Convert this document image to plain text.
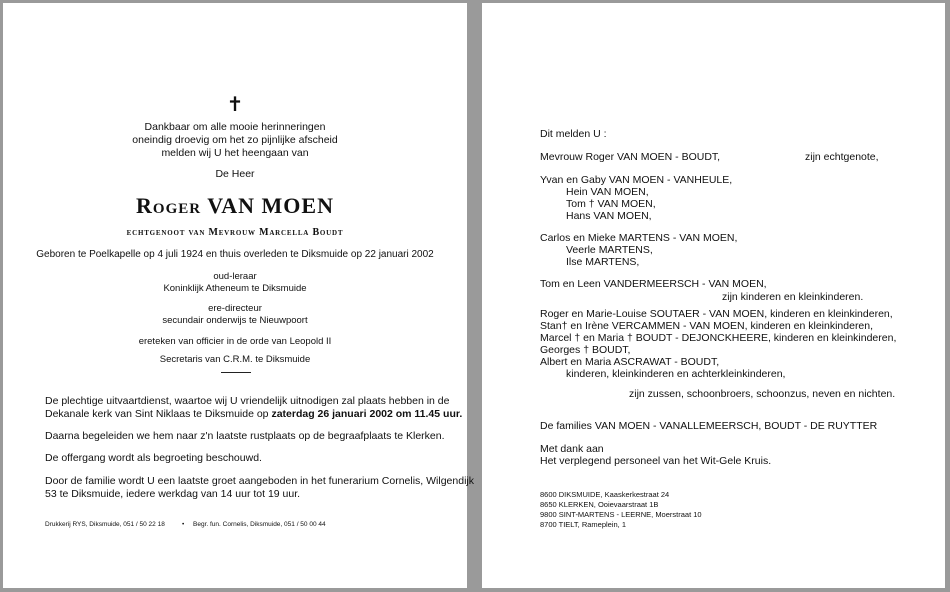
✝
Dankbaar om alle mooie herinneringen
oneindig droevig om het zo pijnlijke afscheid
melden wij U het heengaan van
De Heer
Roger VAN MOEN
echtgenoot van Mevrouw Marcella Boudt
Geboren te Poelkapelle op 4 juli 1924 en thuis overleden te Diksmuide op 22 januari 2002
oud-leraar
Koninklijk Atheneum te Diksmuide
ere-directeur
secundair onderwijs te Nieuwpoort
ereteken van officier in de orde van Leopold II
Secretaris van C.R.M. te Diksmuide
De plechtige uitvaartdienst, waartoe wij U vriendelijk uitnodigen zal plaats hebben in de
Dekanale kerk van Sint Niklaas te Diksmuide op zaterdag 26 januari 2002 om 11.45 uur.
Daarna begeleiden we hem naar z'n laatste rustplaats op de begraafplaats te Klerken.
De offergang wordt als begroeting beschouwd.
Door de familie wordt U een laatste groet aangeboden in het funerarium Cornelis, Wilgendijk
53 te Diksmuide, iedere werkdag van 14 uur tot 19 uur.
Drukkerij RYS, Diksmuide, 051 / 50 22 18	• Begr. fun. Cornelis, Diksmuide, 051 / 50 00 44
Dit melden U :
Mevrouw Roger VAN MOEN - BOUDT,	zijn echtgenote,
Yvan en Gaby VAN MOEN - VANHEULE,
Hein VAN MOEN,
Tom † VAN MOEN,
Hans VAN MOEN,
Carlos en Mieke MARTENS - VAN MOEN,
Veerle MARTENS,
Ilse MARTENS,
Tom en Leen VANDERMEERSCH - VAN MOEN,
zijn kinderen en kleinkinderen.
Roger en Marie-Louise SOUTAER - VAN MOEN, kinderen en kleinkinderen,
Stan† en Irène VERCAMMEN - VAN MOEN, kinderen en kleinkinderen,
Marcel † en Maria † BOUDT - DEJONCKHEERE, kinderen en kleinkinderen,
Georges † BOUDT,
Albert en Maria ASCRAWAT - BOUDT,
kinderen, kleinkinderen en achterkleinkinderen,
zijn zussen, schoonbroers, schoonzus, neven en nichten.
De families VAN MOEN - VANALLEMEERSCH, BOUDT - DE RUYTTER
Met dank aan
Het verplegend personeel van het Wit-Gele Kruis.
8600 DIKSMUIDE, Kaaskerkestraat 24
8650 KLERKEN, Ooievaarstraat 1B
9800 SINT-MARTENS - LEERNE, Moerstraat 10
8700 TIELT, Rameplein, 1
